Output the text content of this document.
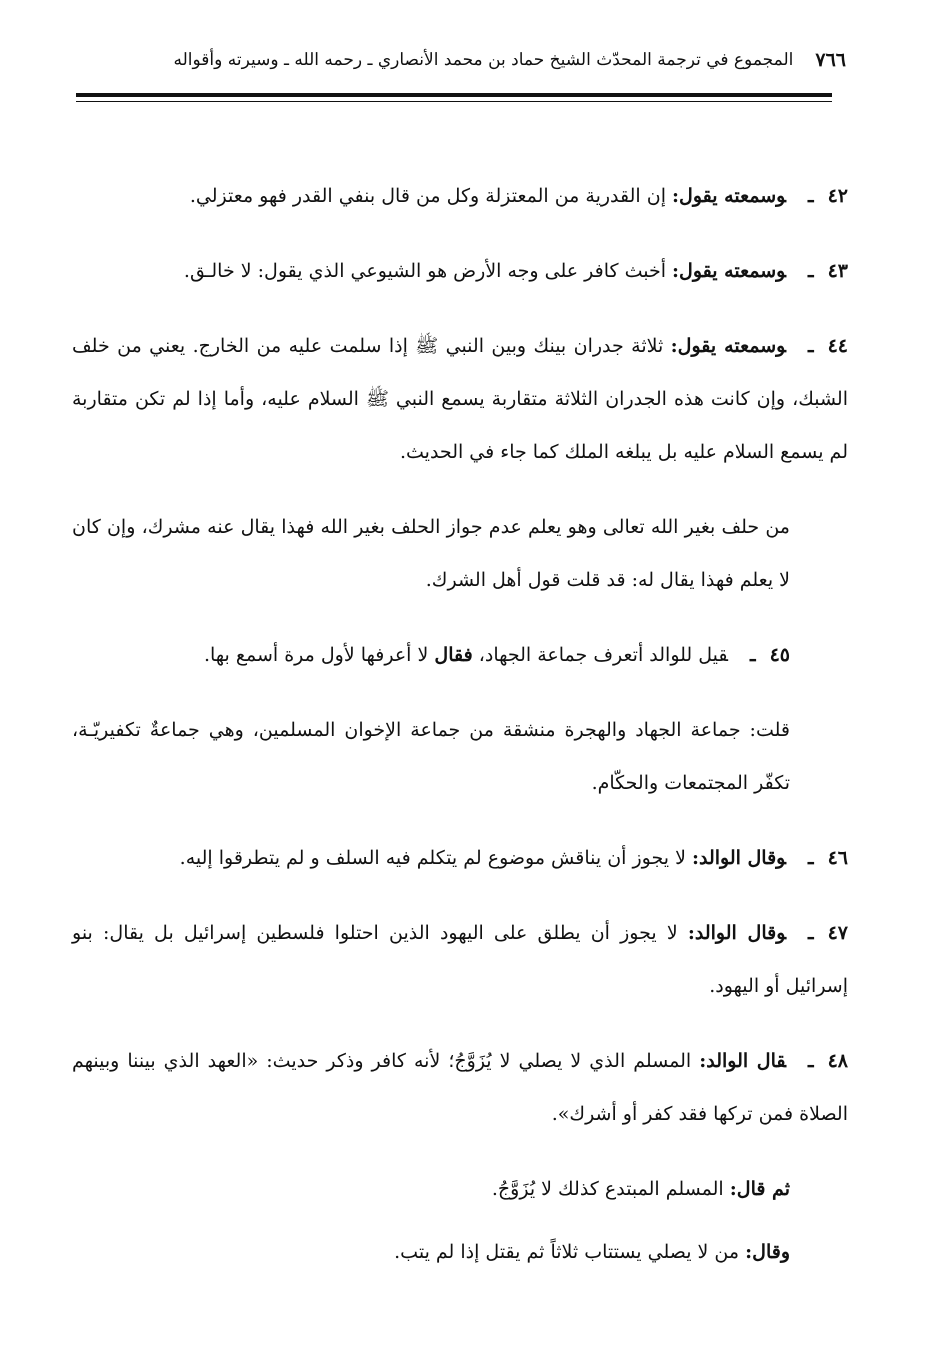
٧٦٦
المجموع في ترجمة المحدّث الشيخ حماد بن محمد الأنصاري ـ رحمه الله ـ وسيرته وأقواله

٤٢ـوسمعته يقول: إن القدرية من المعتزلة وكل من قال بنفي القدر فهو معتزلي.

٤٣ـوسمعته يقول: أخبث كافر على وجه الأرض هو الشيوعي الذي يقول: لا خالـق.

٤٤ـوسمعته يقول: ثلاثة جدران بينك وبين النبي ﷺ إذا سلمت عليه من الخارج. يعني من خلف الشبك، وإن كانت هذه الجدران الثلاثة متقاربة يسمع النبي ﷺ السلام عليه، وأما إذا لم تكن متقاربة لم يسمع السلام عليه بل يبلغه الملك كما جاء في الحديث.

من حلف بغير الله تعالى وهو يعلم عدم جواز الحلف بغير الله فهذا يقال عنه مشرك، وإن كان لا يعلم فهذا يقال له: قد قلت قول أهل الشرك.

٤٥ـقيل للوالد أتعرف جماعة الجهاد، فقال لا أعرفها لأول مرة أسمع بها.

قلت: جماعة الجهاد والهجرة منشقة من جماعة الإخوان المسلمين، وهي جماعةٌ تكفيريّـة، تكفّر المجتمعات والحكّام.

٤٦ـوقال الوالد: لا يجوز أن يناقش موضوع لم يتكلم فيه السلف و لم يتطرقوا إليه.

٤٧ـوقال الوالد: لا يجوز أن يطلق على اليهود الذين احتلوا فلسطين إسرائيل بل يقال: بنو إسرائيل أو اليهود.

٤٨ـقال الوالد: المسلم الذي لا يصلي لا يُزَوَّجُ؛ لأنه كافر وذكر حديث: «العهد الذي بيننا وبينهم الصلاة فمن تركها فقد كفر أو أشرك».

ثم قال: المسلم المبتدع كذلك لا يُزَوَّجُ.

وقال: من لا يصلي يستتاب ثلاثاً ثم يقتل إذا لم يتب.
